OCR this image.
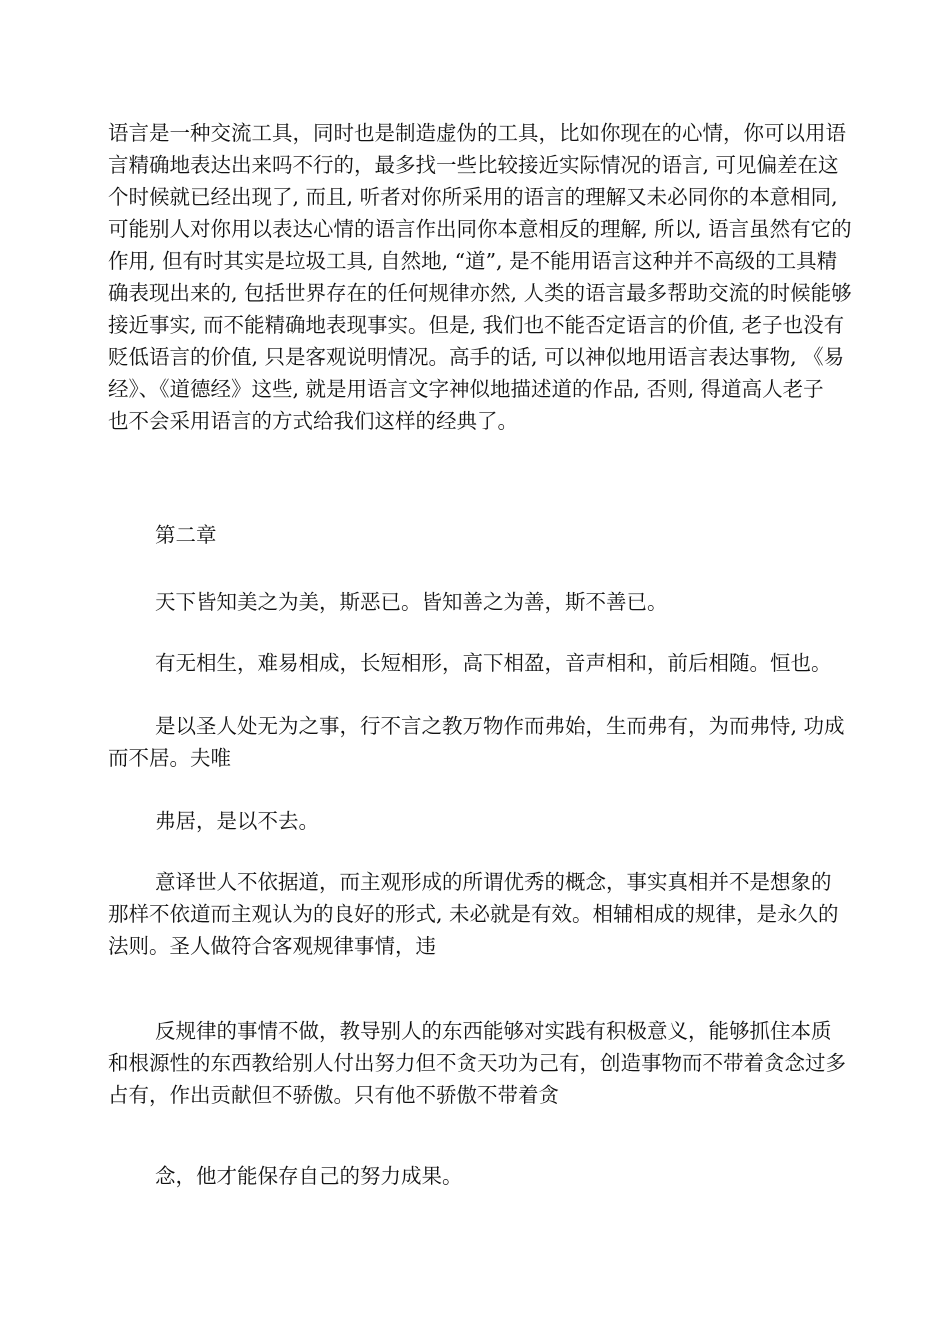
语言是一种交流工具，同时也是制造虚伪的工具，比如你现在的心情，你可以用语
言精确地表达出来吗不行的，最多找一些比较接近实际情况的语言, 可见偏差在这
个时候就已经出现了, 而且, 听者对你所采用的语言的理解又未必同你的本意相同,
可能别人对你用以表达心情的语言作出同你本意相反的理解, 所以, 语言虽然有它的
作用, 但有时其实是垃圾工具, 自然地, “道”, 是不能用语言这种并不高级的工具精
确表现出来的, 包括世界存在的任何规律亦然, 人类的语言最多帮助交流的时候能够
接近事实, 而不能精确地表现事实。但是, 我们也不能否定语言的价值, 老子也没有
贬低语言的价值, 只是客观说明情况。高手的话, 可以神似地用语言表达事物, 《易
经》、《道德经》这些, 就是用语言文字神似地描述道的作品, 否则, 得道高人老子
也不会采用语言的方式给我们这样的经典了。
第二章
天下皆知美之为美，斯恶已。皆知善之为善，斯不善已。
有无相生，难易相成，长短相形，高下相盈，音声相和，前后相随。恒也。
是以圣人处无为之事，行不言之教万物作而弗始，生而弗有，为而弗恃, 功成
而不居。夫唯
弗居，是以不去。
意译世人不依据道，而主观形成的所谓优秀的概念，事实真相并不是想象的
那样不依道而主观认为的良好的形式, 未必就是有效。相辅相成的规律，是永久的
法则。圣人做符合客观规律事情，违
反规律的事情不做，教导别人的东西能够对实践有积极意义，能够抓住本质
和根源性的东西教给别人付出努力但不贪天功为己有，创造事物而不带着贪念过多
占有，作出贡献但不骄傲。只有他不骄傲不带着贪
念，他才能保存自己的努力成果。
